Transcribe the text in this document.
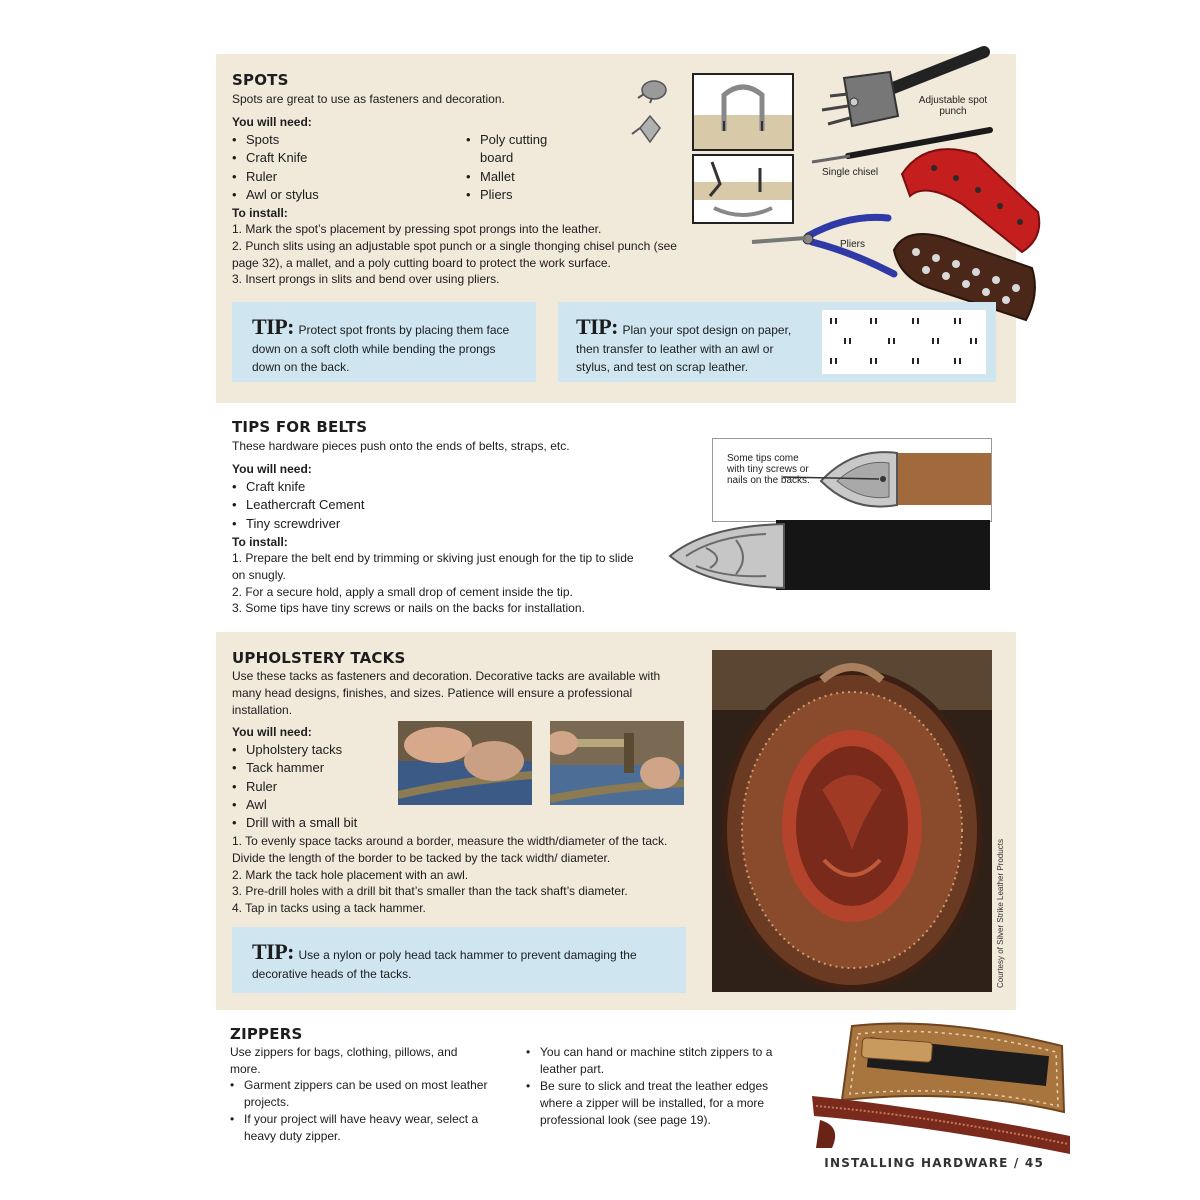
SPOTS
Spots are great to use as fasteners and decoration.
You will need:
• Spots
• Craft Knife
• Ruler
• Awl or stylus
• Poly cutting board
• Mallet
• Pliers
To install:
1. Mark the spot’s placement by pressing spot prongs into the leather.
2. Punch slits using an adjustable spot punch or a single thonging chisel punch (see page 32), a mallet, and a poly cutting board to protect the work surface.
3. Insert prongs in slits and bend over using pliers.
Adjustable spot punch
Single chisel
Pliers
TIP: Protect spot fronts by placing them face down on a soft cloth while bending the prongs down on the back.
TIP: Plan your spot design on paper, then transfer to leather with an awl or stylus, and test on scrap leather.
TIPS FOR BELTS
These hardware pieces push onto the ends of belts, straps, etc.
You will need:
• Craft knife
• Leathercraft Cement
• Tiny screwdriver
To install:
1. Prepare the belt end by trimming or skiving just enough for the tip to slide on snugly.
2. For a secure hold, apply a small drop of cement inside the tip.
3. Some tips have tiny screws or nails on the backs for installation.
Some tips come with tiny screws or nails on the backs.
UPHOLSTERY TACKS
Use these tacks as fasteners and decoration. Decorative tacks are available with many head designs, finishes, and sizes. Patience will ensure a professional installation.
You will need:
• Upholstery tacks
• Tack hammer
• Ruler
• Awl
• Drill with a small bit
1. To evenly space tacks around a border, measure the width/diameter of the tack. Divide the length of the border to be tacked by the tack width/ diameter.
2. Mark the tack hole placement with an awl.
3. Pre-drill holes with a drill bit that’s smaller than the tack shaft’s diameter.
4. Tap in tacks using a tack hammer.	Courtesy of Silver Strike Leather Products
TIP: Use a nylon or poly head tack hammer to prevent damaging the decorative heads of the tacks.
ZIPPERS
Use zippers for bags, clothing, pillows, and more.
• Garment zippers can be used on most leather projects.
• If your project will have heavy wear, select a heavy duty zipper.
• You can hand or machine stitch zippers to a leather part.
• Be sure to slick and treat the leather edges where a zipper will be installed, for a more professional look (see page 19).
INSTALLING HARDWARE / 45
